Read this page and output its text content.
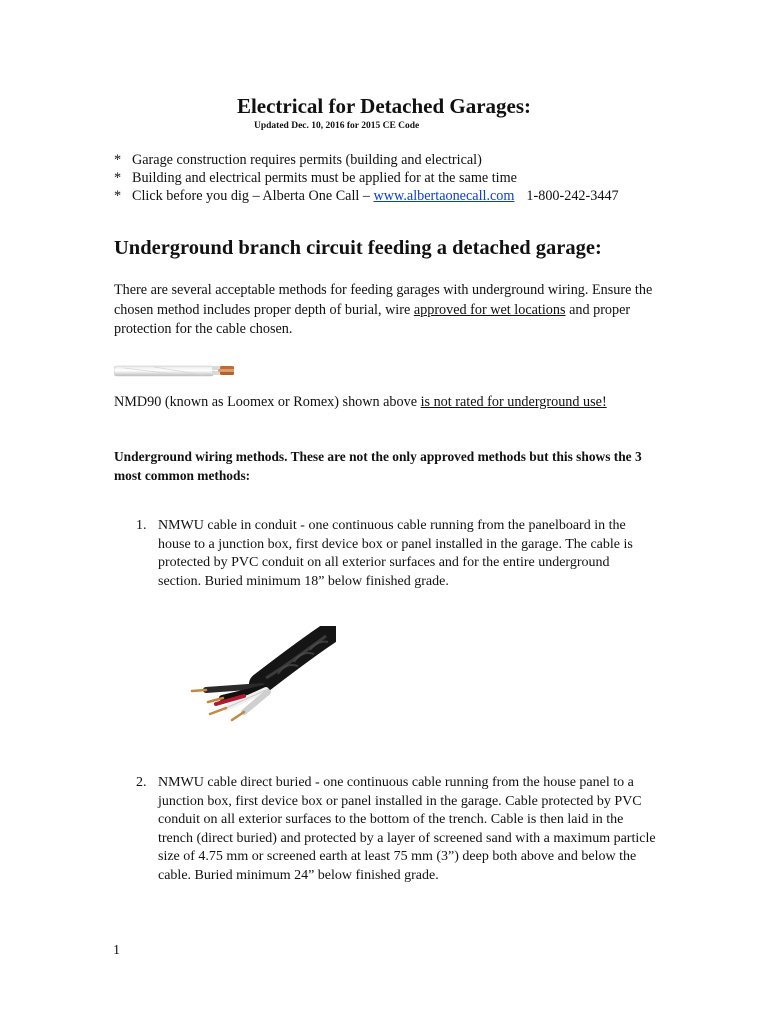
Electrical for Detached Garages:
Updated Dec. 10, 2016 for 2015 CE Code
* Garage construction requires permits (building and electrical)
* Building and electrical permits must be applied for at the same time
* Click before you dig – Alberta One Call – www.albertaonecall.com 1-800-242-3447
Underground branch circuit feeding a detached garage:
There are several acceptable methods for feeding garages with underground wiring. Ensure the chosen method includes proper depth of burial, wire approved for wet locations and proper protection for the cable chosen.
NMD90 (known as Loomex or Romex) shown above is not rated for underground use!
Underground wiring methods. These are not the only approved methods but this shows the 3 most common methods:
1. NMWU cable in conduit - one continuous cable running from the panelboard in the house to a junction box, first device box or panel installed in the garage. The cable is protected by PVC conduit on all exterior surfaces and for the entire underground section. Buried minimum 18” below finished grade.
2. NMWU cable direct buried - one continuous cable running from the house panel to a junction box, first device box or panel installed in the garage. Cable protected by PVC conduit on all exterior surfaces to the bottom of the trench. Cable is then laid in the trench (direct buried) and protected by a layer of screened sand with a maximum particle size of 4.75 mm or screened earth at least 75 mm (3”) deep both above and below the cable. Buried minimum 24” below finished grade.
1
